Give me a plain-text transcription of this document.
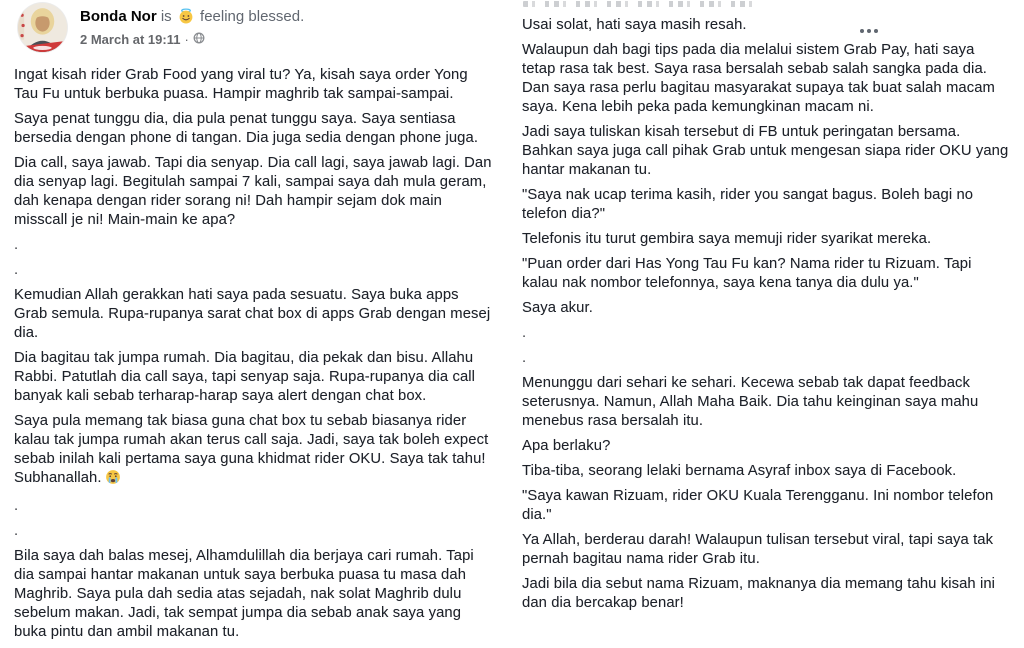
Bonda Nor is feeling blessed.
2 March at 19:11 ·

Ingat kisah rider Grab Food yang viral tu? Ya, kisah saya order Yong Tau Fu untuk berbuka puasa. Hampir maghrib tak sampai-sampai.

Saya penat tunggu dia, dia pula penat tunggu saya. Saya sentiasa bersedia dengan phone di tangan. Dia juga sedia dengan phone juga.

Dia call, saya jawab. Tapi dia senyap. Dia call lagi, saya jawab lagi. Dan dia senyap lagi. Begitulah sampai 7 kali, sampai saya dah mula geram, dah kenapa dengan rider sorang ni! Dah hampir sejam dok main misscall je ni! Main-main ke apa?

.

.

Kemudian Allah gerakkan hati saya pada sesuatu. Saya buka apps Grab semula. Rupa-rupanya sarat chat box di apps Grab dengan mesej dia.

Dia bagitau tak jumpa rumah. Dia bagitau, dia pekak dan bisu. Allahu Rabbi. Patutlah dia call saya, tapi senyap saja. Rupa-rupanya dia call banyak kali sebab terharap-harap saya alert dengan chat box.

Saya pula memang tak biasa guna chat box tu sebab biasanya rider kalau tak jumpa rumah akan terus call saja. Jadi, saya tak boleh expect sebab inilah kali pertama saya guna khidmat rider OKU. Saya tak tahu! Subhanallah.

.

.

Bila saya dah balas mesej, Alhamdulillah dia berjaya cari rumah. Tapi dia sampai hantar makanan untuk saya berbuka puasa tu masa dah Maghrib. Saya pula dah sedia atas sejadah, nak solat Maghrib dulu sebelum makan. Jadi, tak sempat jumpa dia sebab anak saya yang buka pintu dan ambil makanan tu.

Usai solat, hati saya masih resah.

Walaupun dah bagi tips pada dia melalui sistem Grab Pay, hati saya tetap rasa tak best. Saya rasa bersalah sebab salah sangka pada dia. Dan saya rasa perlu bagitau masyarakat supaya tak buat salah macam saya. Kena lebih peka pada kemungkinan macam ni.

Jadi saya tuliskan kisah tersebut di FB untuk peringatan bersama. Bahkan saya juga call pihak Grab untuk mengesan siapa rider OKU yang hantar makanan tu.

"Saya nak ucap terima kasih, rider you sangat bagus. Boleh bagi no telefon dia?"

Telefonis itu turut gembira saya memuji rider syarikat mereka.

"Puan order dari Has Yong Tau Fu kan? Nama rider tu Rizuam. Tapi kalau nak nombor telefonnya, saya kena tanya dia dulu ya."

Saya akur.

.

.

Menunggu dari sehari ke sehari. Kecewa sebab tak dapat feedback seterusnya. Namun, Allah Maha Baik. Dia tahu keinginan saya mahu menebus rasa bersalah itu.

Apa berlaku?

Tiba-tiba, seorang lelaki bernama Asyraf inbox saya di Facebook.

"Saya kawan Rizuam, rider OKU Kuala Terengganu. Ini nombor telefon dia."

Ya Allah, berderau darah! Walaupun tulisan tersebut viral, tapi saya tak pernah bagitau nama rider Grab itu.

Jadi bila dia sebut nama Rizuam, maknanya dia memang tahu kisah ini dan dia bercakap benar!
